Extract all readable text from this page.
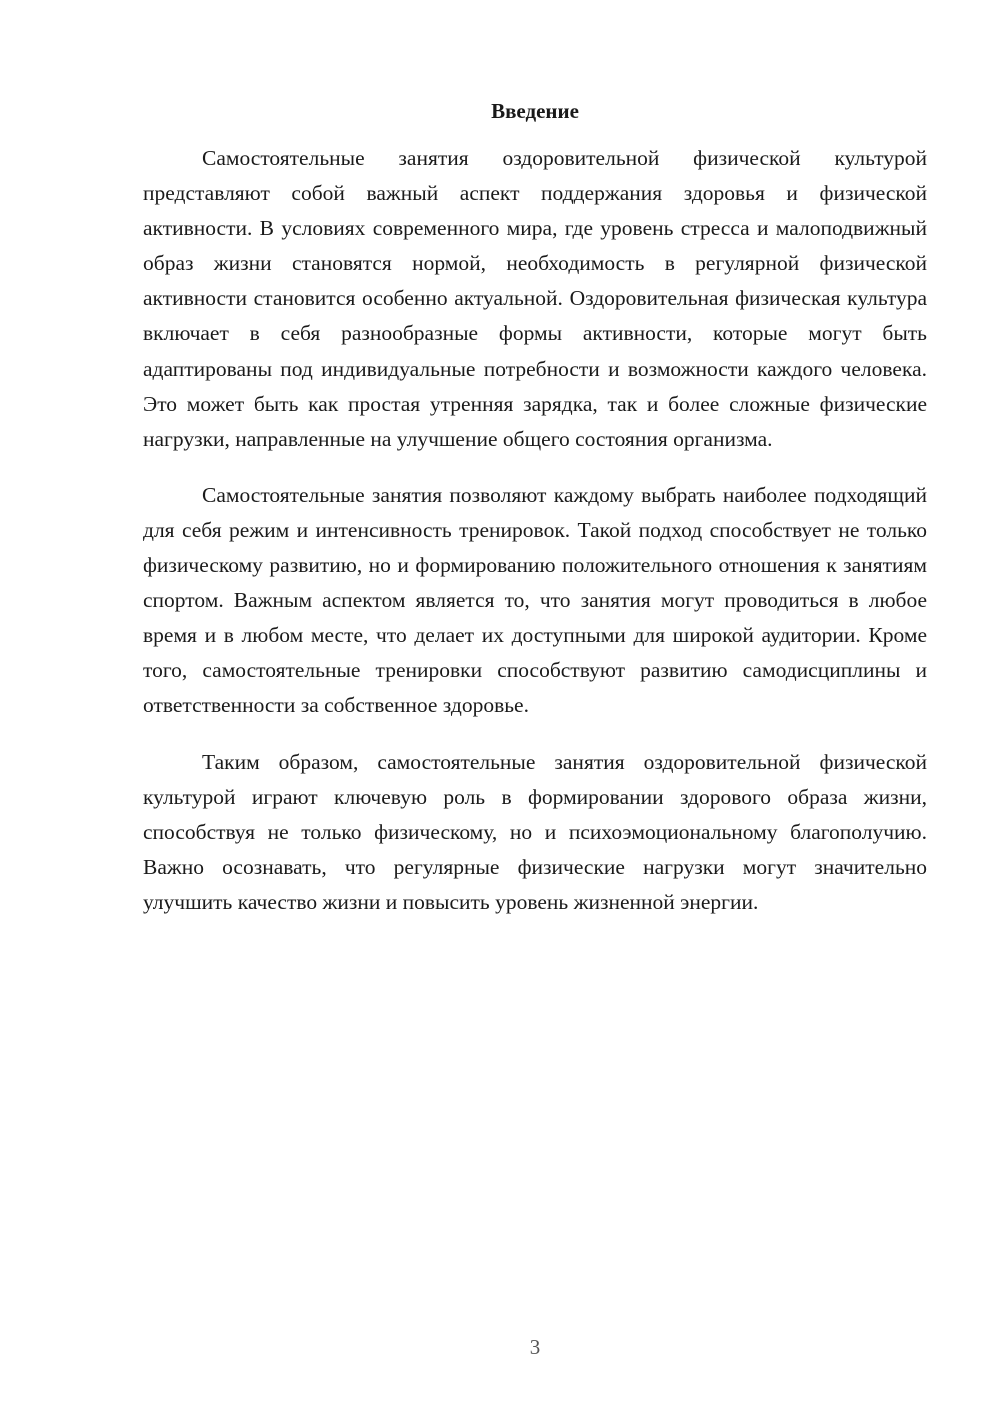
Введение

Самостоятельные занятия оздоровительной физической культурой представляют собой важный аспект поддержания здоровья и физической активности. В условиях современного мира, где уровень стресса и малоподвижный образ жизни становятся нормой, необходимость в регулярной физической активности становится особенно актуальной. Оздоровительная физическая культура включает в себя разнообразные формы активности, которые могут быть адаптированы под индивидуальные потребности и возможности каждого человека. Это может быть как простая утренняя зарядка, так и более сложные физические нагрузки, направленные на улучшение общего состояния организма.

Самостоятельные занятия позволяют каждому выбрать наиболее подходящий для себя режим и интенсивность тренировок. Такой подход способствует не только физическому развитию, но и формированию положительного отношения к занятиям спортом. Важным аспектом является то, что занятия могут проводиться в любое время и в любом месте, что делает их доступными для широкой аудитории. Кроме того, самостоятельные тренировки способствуют развитию самодисциплины и ответственности за собственное здоровье.

Таким образом, самостоятельные занятия оздоровительной физической культурой играют ключевую роль в формировании здорового образа жизни, способствуя не только физическому, но и психоэмоциональному благополучию. Важно осознавать, что регулярные физические нагрузки могут значительно улучшить качество жизни и повысить уровень жизненной энергии.

3
